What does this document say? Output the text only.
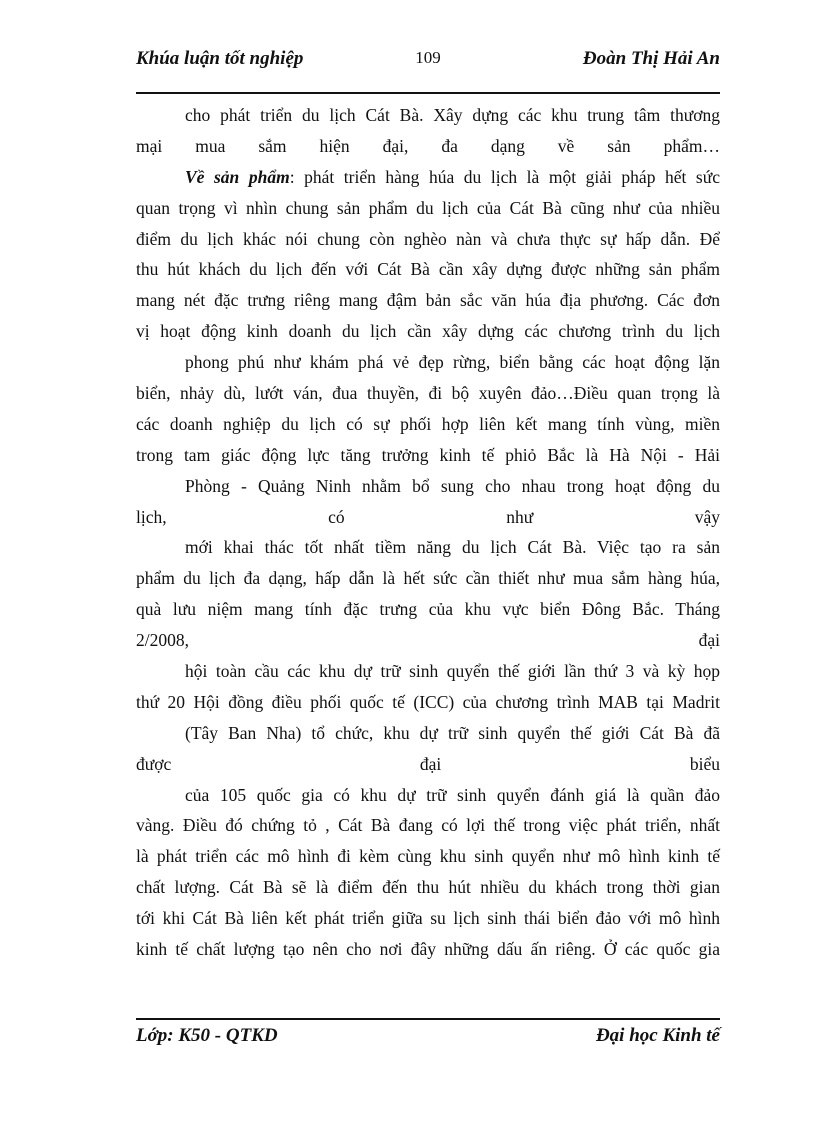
Khúa luận tốt nghiệp	109	Đoàn Thị Hải An
cho phát triển du lịch Cát Bà. Xây dựng các khu trung tâm thương
mại mua sắm hiện đại, đa dạng về sản phẩm…
Về sản phẩm: phát triển hàng húa du lịch là một giải pháp hết sức
quan trọng vì nhìn chung sản phẩm du lịch của Cát Bà cũng như của nhiều
điểm du lịch khác nói chung còn nghèo nàn và chưa thực sự hấp dẫn. Để
thu hút khách du lịch đến với Cát Bà cần xây dựng được những sản phẩm
mang nét đặc trưng riêng mang đậm bản sắc văn húa địa phương. Các đơn
vị hoạt động kinh doanh du lịch cần xây dựng các chương trình du lịch
phong phú như khám phá vẻ đẹp rừng, biển bằng các hoạt động lặn
biển, nhảy dù, lướt ván, đua thuyền, đi bộ xuyên đảo…Điều quan trọng là
các doanh nghiệp du lịch có sự phối hợp liên kết mang tính vùng, miền
trong tam giác động lực tăng trưởng kinh tế phiỏ Bắc là Hà Nội - Hải
Phòng - Quảng Ninh nhằm bổ sung cho nhau trong hoạt động du
lịch,	có	như	vậy
mới khai thác tốt nhất tiềm năng du lịch Cát Bà. Việc tạo ra sản
phẩm du lịch đa dạng, hấp dẫn là hết sức cần thiết như mua sắm hàng húa,
quà lưu niệm mang tính đặc trưng của khu vực biển Đông Bắc. Tháng
2/2008,	đại
hội toàn cầu các khu dự trữ sinh quyển thế giới lần thứ 3 và kỳ họp
thứ 20 Hội đồng điều phối quốc tế (ICC) của chương trình MAB tại Madrit
(Tây Ban Nha) tổ chức, khu dự trữ sinh quyển thế giới Cát Bà đã
được	đại	biểu
của 105 quốc gia có khu dự trữ sinh quyển đánh giá là quần đảo
vàng. Điều đó chứng tỏ , Cát Bà đang có lợi thế trong việc phát triển, nhất
là phát triển các mô hình đi kèm cùng khu sinh quyển như mô hình kinh tế
chất lượng. Cát Bà sẽ là điểm đến thu hút nhiều du khách trong thời gian
tới khi Cát Bà liên kết phát triển giữa su lịch sinh thái biển đảo với mô hình
kinh tế chất lượng tạo nên cho nơi đây những dấu ấn riêng. Ở các quốc gia
Lớp: K50 - QTKD	Đại học Kinh tế
